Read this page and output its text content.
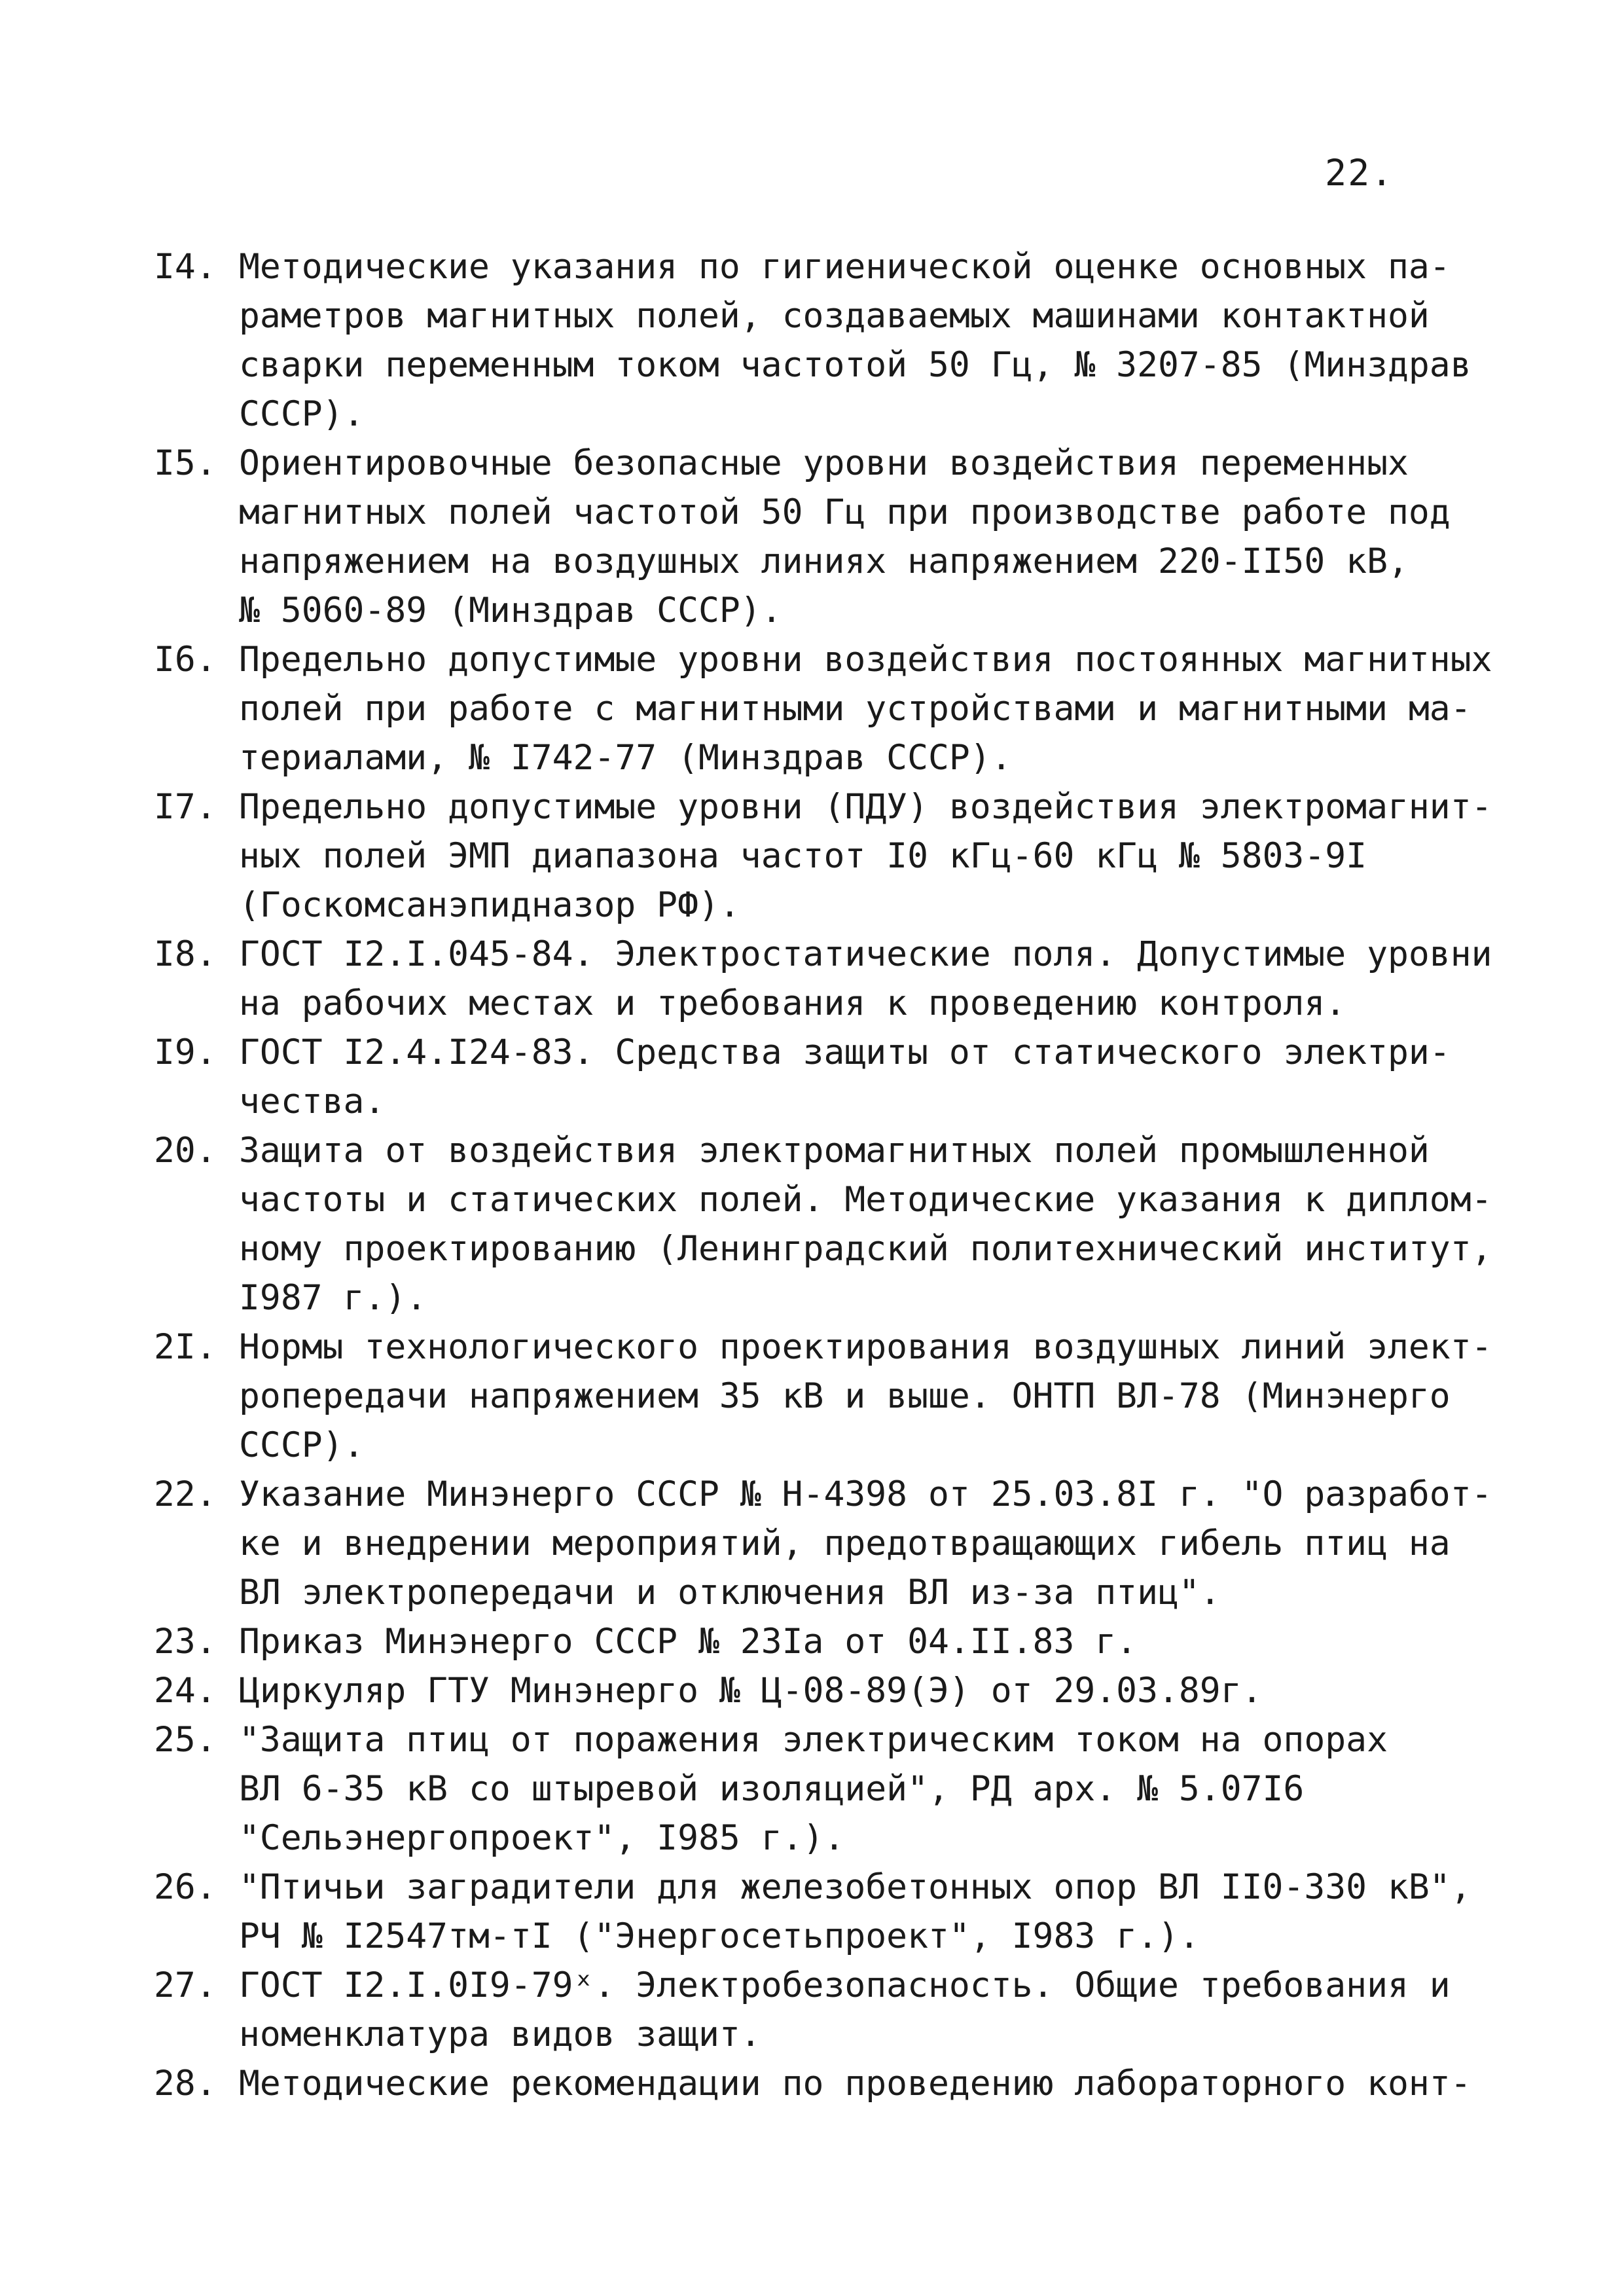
22.
I4. Методические указания по гигиенической оценке основных па-
раметров магнитных полей, создаваемых машинами контактной
сварки переменным током частотой 50 Гц, № 3207-85 (Минздрав
СССР).
I5. Ориентировочные безопасные уровни воздействия переменных
магнитных полей частотой 50 Гц при производстве работе под
напряжением на воздушных линиях напряжением 220-II50 кВ,
№ 5060-89 (Минздрав СССР).
I6. Предельно допустимые уровни воздействия постоянных магнитных
полей при работе с магнитными устройствами и магнитными ма-
териалами, № I742-77 (Минздрав СССР).
I7. Предельно допустимые уровни (ПДУ) воздействия электромагнит-
ных полей ЭМП диапазона частот I0 кГц-60 кГц № 5803-9I
(Госкомсанэпидназор РФ).
I8. ГОСТ I2.I.045-84. Электростатические поля. Допустимые уровни
на рабочих местах и требования к проведению контроля.
I9. ГОСТ I2.4.I24-83. Средства защиты от статического электри-
чества.
20. Защита от воздействия электромагнитных полей промышленной
частоты и статических полей. Методические указания к диплом-
ному проектированию (Ленинградский политехнический институт,
I987 г.).
2I. Нормы технологического проектирования воздушных линий элект-
ропередачи напряжением 35 кВ и выше. ОНТП ВЛ-78 (Минэнерго
СССР).
22. Указание Минэнерго СССР № Н-4398 от 25.03.8I г. "О разработ-
ке и внедрении мероприятий, предотвращающих гибель птиц на
ВЛ электропередачи и отключения ВЛ из-за птиц".
23. Приказ Минэнерго СССР № 23Iа от 04.II.83 г.
24. Циркуляр ГТУ Минэнерго № Ц-08-89(Э) от 29.03.89г.
25. "Защита птиц от поражения электрическим током на опорах
ВЛ 6-35 кВ со штыревой изоляцией", РД арх. № 5.07I6
"Сельэнергопроект", I985 г.).
26. "Птичьи заградители для железобетонных опор ВЛ II0-330 кВ",
РЧ № I2547тм-тI ("Энергосетьпроект", I983 г.).
27. ГОСТ I2.I.0I9-79ˣ. Электробезопасность. Общие требования и
номенклатура видов защит.
28. Методические рекомендации по проведению лабораторного конт-
